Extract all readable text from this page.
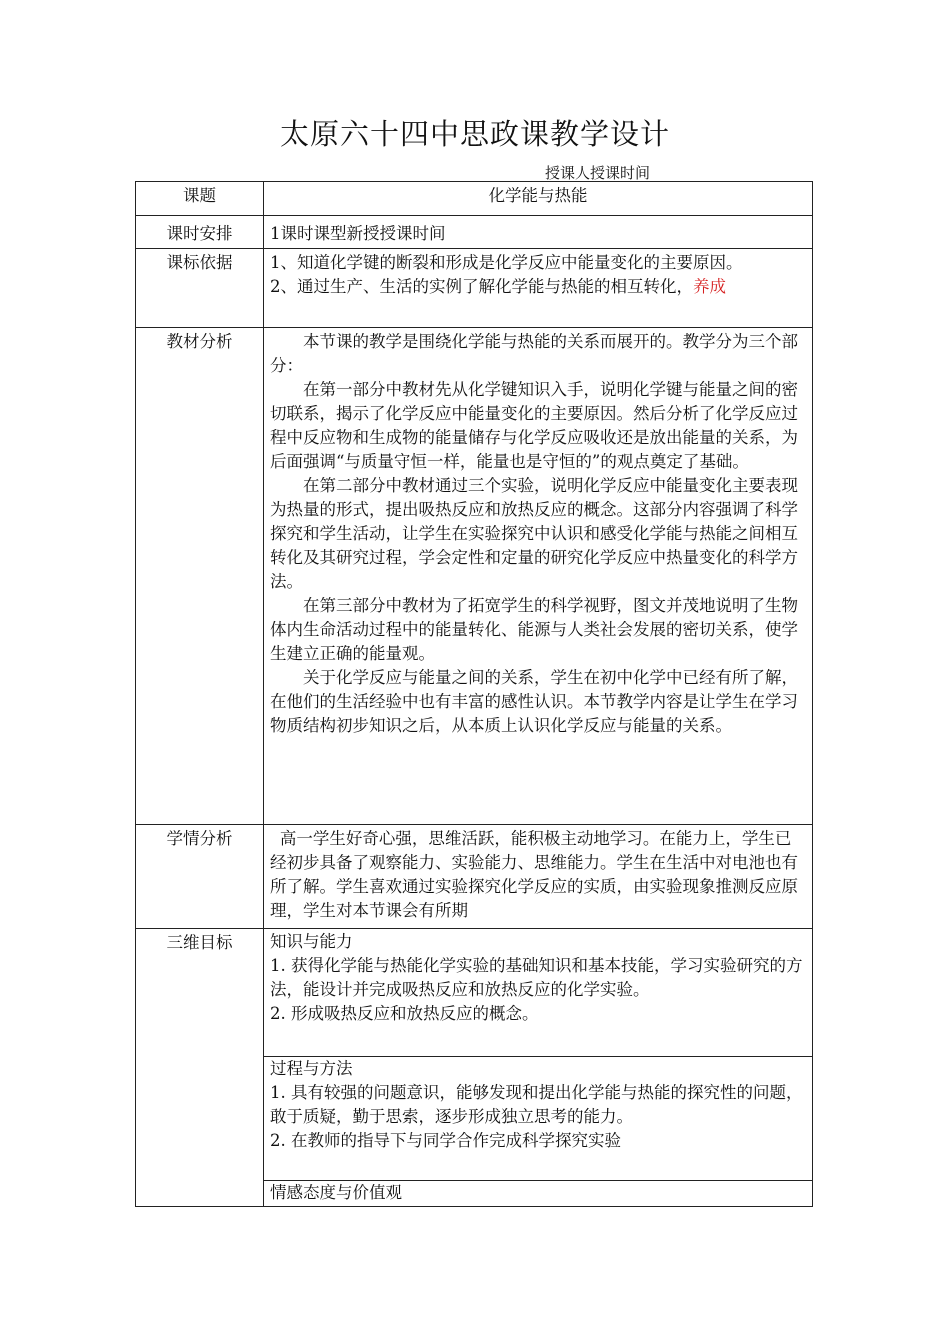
太原六十四中思政课教学设计
授课人授课时间
课题	化学能与热能
课时安排	1课时课型新授授课时间
课标依据	1、知道化学键的断裂和形成是化学反应中能量变化的主要原因。

2、通过生产、生活的实例了解化学能与热能的相互转化，养成

教材分析	本节课的教学是围绕化学能与热能的关系而展开的。教学分为三个部分：

在第一部分中教材先从化学键知识入手，说明化学键与能量之间的密切联系，揭示了化学反应中能量变化的主要原因。然后分析了化学反应过程中反应物和生成物的能量储存与化学反应吸收还是放出能量的关系，为后面强调“与质量守恒一样，能量也是守恒的”的观点奠定了基础。

在第二部分中教材通过三个实验，说明化学反应中能量变化主要表现为热量的形式，提出吸热反应和放热反应的概念。这部分内容强调了科学探究和学生活动，让学生在实验探究中认识和感受化学能与热能之间相互转化及其研究过程，学会定性和定量的研究化学反应中热量变化的科学方法。

在第三部分中教材为了拓宽学生的科学视野，图文并茂地说明了生物体内生命活动过程中的能量转化、能源与人类社会发展的密切关系，使学生建立正确的能量观。

关于化学反应与能量之间的关系，学生在初中化学中已经有所了解，在他们的生活经验中也有丰富的感性认识。本节教学内容是让学生在学习物质结构初步知识之后，从本质上认识化学反应与能量的关系。

学情分析	高一学生好奇心强，思维活跃，能积极主动地学习。在能力上，学生已经初步具备了观察能力、实验能力、思维能力。学生在生活中对电池也有所了解。学生喜欢通过实验探究化学反应的实质，由实验现象推测反应原理，学生对本节课会有所期

三维目标	知识与能力

1. 获得化学能与热能化学实验的基础知识和基本技能，学习实验研究的方法，能设计并完成吸热反应和放热反应的化学实验。

2. 形成吸热反应和放热反应的概念。

	过程与方法

1. 具有较强的问题意识，能够发现和提出化学能与热能的探究性的问题，敢于质疑，勤于思索，逐步形成独立思考的能力。

2. 在教师的指导下与同学合作完成科学探究实验

	情感态度与价值观
